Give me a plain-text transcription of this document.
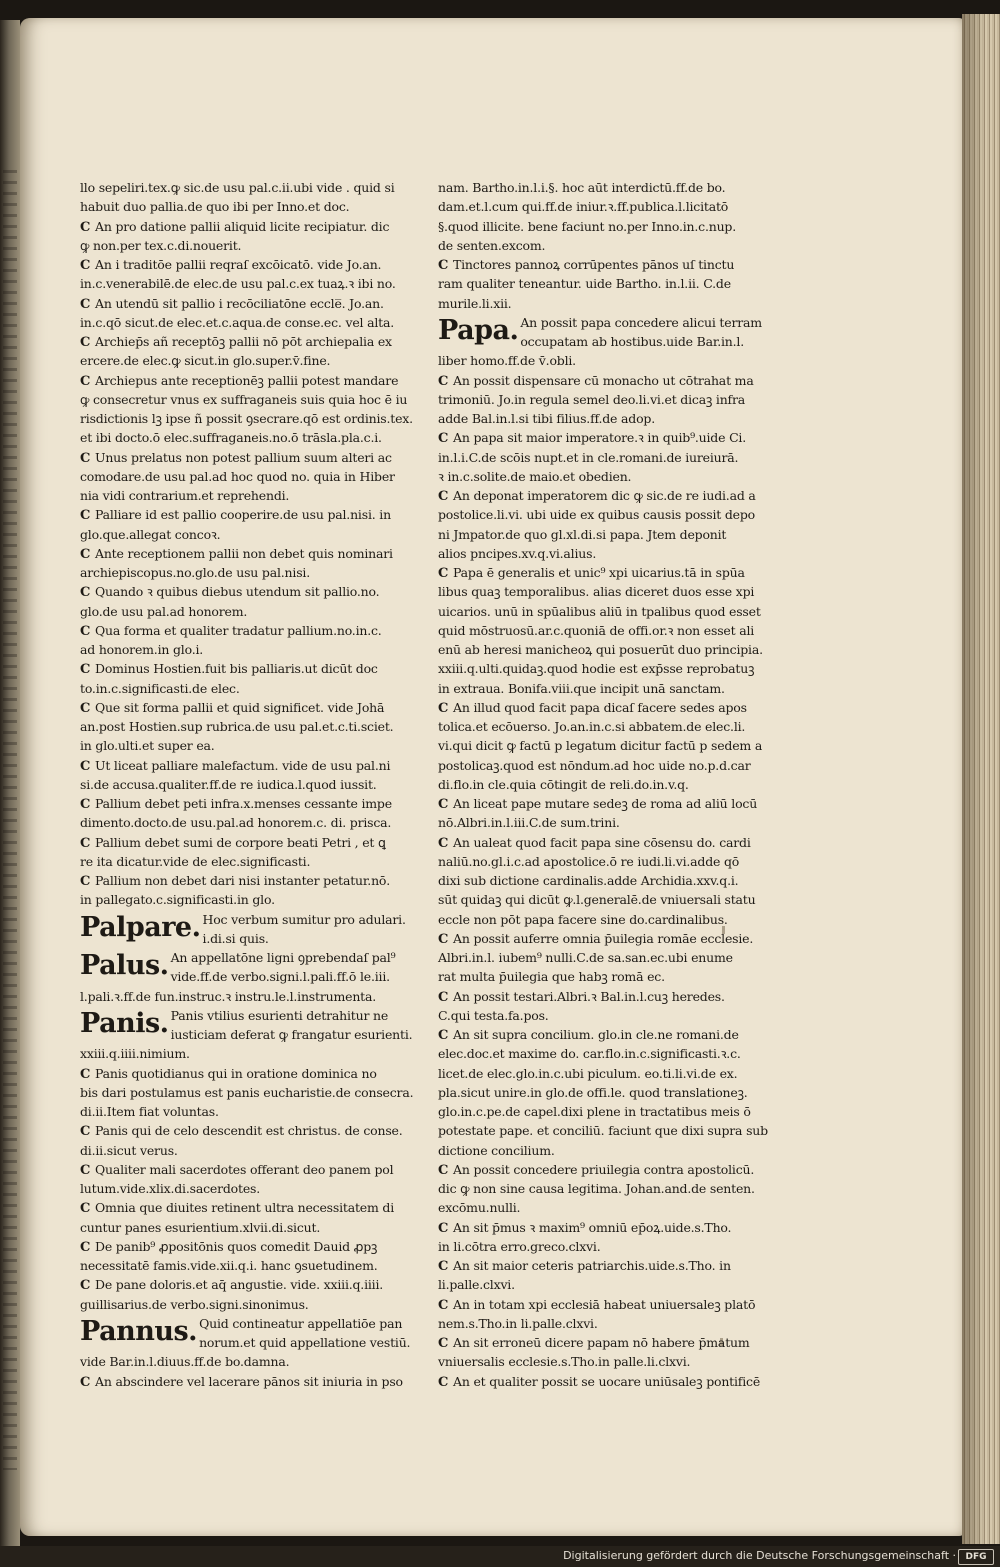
llo sepeliri.tex.ꝙ sic.de usu pal.c.ii.ubi vide . quid si
habuit duo pallia.de quo ibi per Inno.et doc.
C An pro datione pallii aliquid licite recipiatur. dic
ꝙ non.per tex.c.di.nouerit.
C An i traditōe pallii reqraſ excōicatō. vide Jo.an.
in.c.venerabilē.de elec.de usu pal.c.ex tuaꝝ.ꝛ ibi no.
C An utendū sit pallio i recōciliatōne eccle̅. Jo.an.
in.c.qō sicut.de elec.et.c.aqua.de conse.ec. vel alta.
C Archiep̄s añ receptōꝫ pallii nō pōt archiepalia ex
ercere.de elec.ꝙ sicut.in glo.super.v̄.fine.
C Archiepus ante receptionēꝫ pallii potest mandare
ꝙ consecretur vnus ex suffraganeis suis quia hoc ē iu
risdictionis lꝫ ipse ñ possit ꝯsecrare.qō est ordinis.tex.
et ibi docto.ō elec.suffraganeis.no.ō trāsla.pla.c.i.
C Unus prelatus non potest pallium suum alteri ac
comodare.de usu pal.ad hoc quod no. quia in Hiber
nia vidi contrarium.et reprehendi.
C Palliare id est pallio cooperire.de usu pal.nisi. in
glo.que.allegat concoꝛ.
C Ante receptionem pallii non debet quis nominari
archiepiscopus.no.glo.de usu pal.nisi.
C Quando ꝛ quibus diebus utendum sit pallio.no.
glo.de usu pal.ad honorem.
C Qua forma et qualiter tradatur pallium.no.in.c.
ad honorem.in glo.i.
C Dominus Hostien.fuit bis palliaris.ut dicūt doc
to.in.c.significasti.de elec.
C Que sit forma pallii et quid significet. vide Johā
an.post Hostien.sup rubrica.de usu pal.et.c.ti.sciet.
in glo.ulti.et super ea.
C Ut liceat palliare malefactum. vide de usu pal.ni
si.de accusa.qualiter.ff.de re iudica.l.quod iussit.
C Pallium debet peti infra.x.menses cessante impe
dimento.docto.de usu.pal.ad honorem.c. di. prisca.
C Pallium debet sumi de corpore beati Petri , et ꝗ
re ita dicatur.vide de elec.significasti.
C Pallium non debet dari nisi instanter petatur.nō.
in pallegato.c.significasti.in glo.
Palpare. Hoc verbum sumitur pro adulari.
i.di.si quis.
Palus. An appellatōne ligni ꝯprebendaſ pal⁹
vide.ff.de verbo.signi.l.pali.ff.ō le.iii.
l.pali.ꝛ.ff.de fun.instruc.ꝛ instru.le.l.instrumenta.
Panis. Panis vtilius esurienti detrahitur ne
iusticiam deferat ꝙ frangatur esurienti.
xxiii.q.iiii.nimium.
C Panis quotidianus qui in oratione dominica no
bis dari postulamus est panis eucharistie.de consecra.
di.ii.Item fiat voluntas.
C Panis qui de celo descendit est christus. de conse.
di.ii.sicut verus.
C Qualiter mali sacerdotes offerant deo panem pol
lutum.vide.xlix.di.sacerdotes.
C Omnia que diuites retinent ultra necessitatem di
cuntur panes esurientium.xlvii.di.sicut.
C De panib⁹ ꝓpositōnis quos comedit Dauid ꝓpꝫ
necessitatē famis.vide.xii.q.i. hanc ꝯsuetudinem.
C De pane doloris.et aq̄ angustie. vide. xxiii.q.iiii.
guillisarius.de verbo.signi.sinonimus.
Pannus. Quid contineatur appellatiōe pan
norum.et quid appellatione vestiū.
vide Bar.in.l.diuus.ff.de bo.damna.
C An abscindere vel lacerare pānos sit iniuria in pso
nam. Bartho.in.l.i.§. hoc aūt interdictū.ff.de bo.
dam.et.l.cum qui.ff.de iniur.ꝛ.ff.publica.l.licitatō
§.quod illicite. bene faciunt no.per Inno.in.c.nup.
de senten.excom.
C Tinctores pannoꝝ corrūpentes pānos uſ tinctu
ram qualiter teneantur. uide Bartho. in.l.ii. C.de
murile.li.xii.
Papa. An possit papa concedere alicui terram
occupatam ab hostibus.uide Bar.in.l.
liber homo.ff.de v̄.obli.
C An possit dispensare cū monacho ut cōtrahat ma
trimoniū. Jo.in regula semel deo.li.vi.et dicaꝫ infra
adde Bal.in.l.si tibi filius.ff.de adop.
C An papa sit maior imperatore.ꝛ in quib⁹.uide Ci.
in.l.i.C.de scōis nupt.et in cle.romani.de iureiurā.
ꝛ in.c.solite.de maio.et obedien.
C An deponat imperatorem dic ꝙ sic.de re iudi.ad a
postolice.li.vi. ubi uide ex quibus causis possit depo
ni Jmpator.de quo gl.xl.di.si papa. Jtem deponit
alios pncipes.xv.q.vi.alius.
C Papa ē generalis et unic⁹ xpi uicarius.tā in spūa
libus quaꝫ temporalibus. alias diceret duos esse xpi
uicarios. unū in spūalibus aliū in tpalibus quod esset
quid mōstruosū.ar.c.quoniā de offi.or.ꝛ non esset ali
enū ab heresi manicheoꝝ qui posuerūt duo principia.
xxiii.q.ulti.quidaꝫ.quod hodie est exp̄sse reprobatuꝫ
in extraua. Bonifa.viii.que incipit unā sanctam.
C An illud quod facit papa dicaſ facere sedes apos
tolica.et ecōuerso. Jo.an.in.c.si abbatem.de elec.li.
vi.qui dicit ꝙ factū p legatum dicitur factū p sedem a
postolicaꝫ.quod est nōndum.ad hoc uide no.p.d.car
di.flo.in cle.quia cōtingit de reli.do.in.v.q.
C An liceat pape mutare sedeꝫ de roma ad aliū locū
nō.Albri.in.l.iii.C.de sum.trini.
C An ualeat quod facit papa sine cōsensu do. cardi
naliū.no.gl.i.c.ad apostolice.ō re iudi.li.vi.adde qō
dixi sub dictione cardinalis.adde Archidia.xxv.q.i.
sūt quidaꝫ qui dicūt ꝙ.l.generalē.de vniuersali statu
eccle non pōt papa facere sine do.cardinalibus.
C An possit auferre omnia p̄uilegia romāe ecclesie.
Albri.in.l. iubem⁹ nulli.C.de sa.san.ec.ubi enume
rat multa p̄uilegia que habꝫ romā ec.
C An possit testari.Albri.ꝛ Bal.in.l.cuꝫ heredes.
C.qui testa.fa.pos.
C An sit supra concilium. glo.in cle.ne romani.de
elec.doc.et maxime do. car.flo.in.c.significasti.ꝛ.c.
licet.de elec.glo.in.c.ubi piculum. eo.ti.li.vi.de ex.
pla.sicut unire.in glo.de offi.le. quod translationeꝫ.
glo.in.c.pe.de capel.dixi plene in tractatibus meis ō
potestate pape. et conciliū. faciunt que dixi supra sub
dictione concilium.
C An possit concedere priuilegia contra apostolicū.
dic ꝙ non sine causa legitima. Johan.and.de senten.
excōmu.nulli.
C An sit p̄mus ꝛ maxim⁹ omniū ep̄oꝝ.uide.s.Tho.
in li.cōtra erro.greco.clxvi.
C An sit maior ceteris patriarchis.uide.s.Tho. in
li.palle.clxvi.
C An in totam xpi ecclesiā habeat uniuersaleꝫ platō
nem.s.Tho.in li.palle.clxvi.
C An sit erroneū dicere papam nō habere p̄matum
vniuersalis ecclesie.s.Tho.in palle.li.clxvi.
C An et qualiter possit se uocare uniūsaleꝫ pontificē
Digitalisierung gefördert durch die Deutsche Forschungsgemeinschaft ·	DFG
